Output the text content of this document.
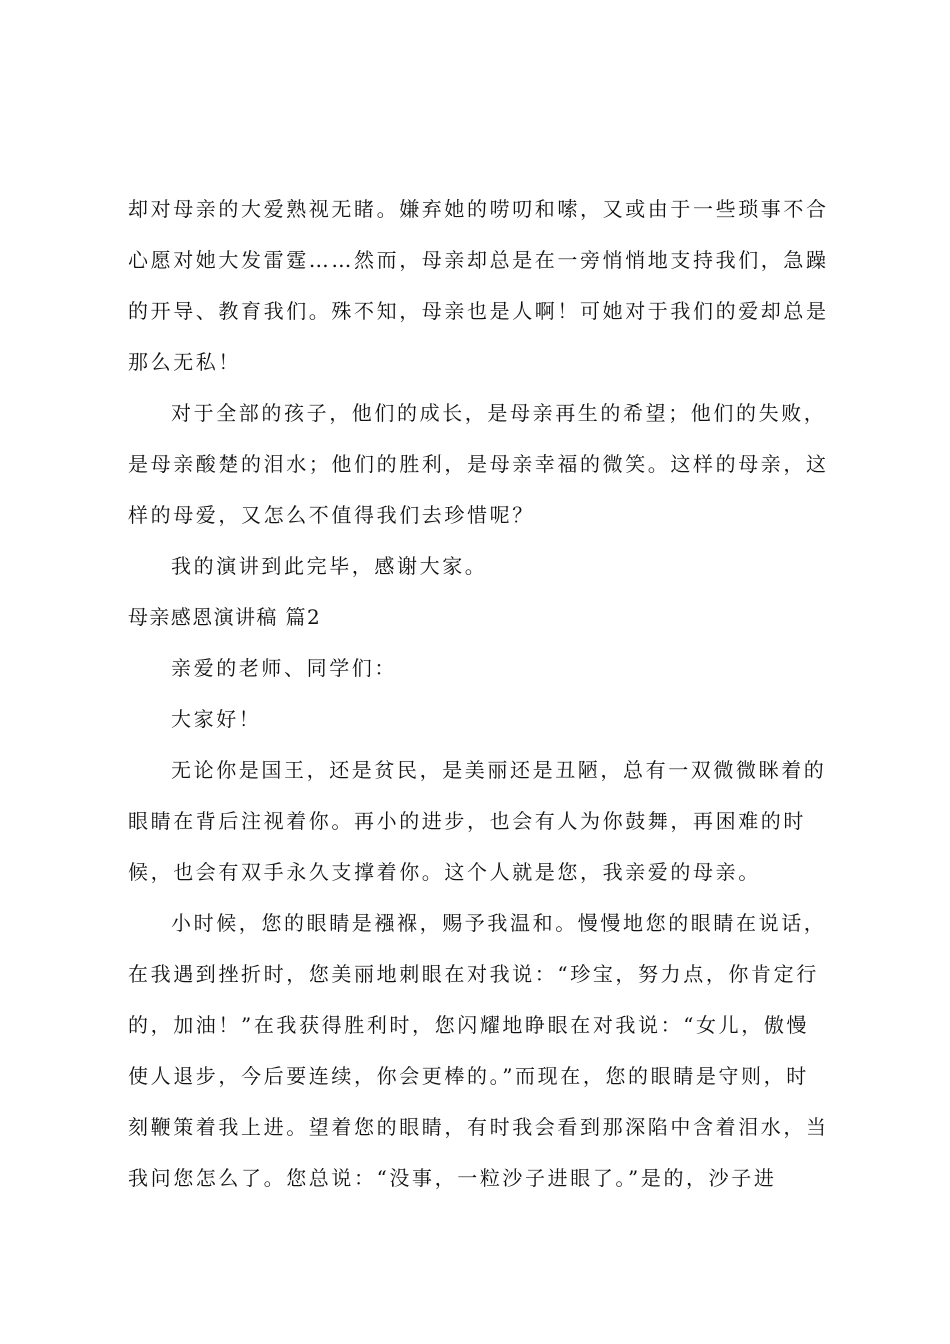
却对母亲的大爱熟视无睹。嫌弃她的唠叨和嗦，又或由于一些琐事不合
心愿对她大发雷霆……然而，母亲却总是在一旁悄悄地支持我们，急躁
的开导、教育我们。殊不知，母亲也是人啊！可她对于我们的爱却总是
那么无私！
对于全部的孩子，他们的成长，是母亲再生的希望；他们的失败，
是母亲酸楚的泪水；他们的胜利，是母亲幸福的微笑。这样的母亲，这
样的母爱，又怎么不值得我们去珍惜呢？
我的演讲到此完毕，感谢大家。
母亲感恩演讲稿 篇2
亲爱的老师、同学们：
大家好！
无论你是国王，还是贫民，是美丽还是丑陋，总有一双微微眯着的
眼睛在背后注视着你。再小的进步，也会有人为你鼓舞，再困难的时
候，也会有双手永久支撑着你。这个人就是您，我亲爱的母亲。
小时候，您的眼睛是襁褓，赐予我温和。慢慢地您的眼睛在说话，
在我遇到挫折时，您美丽地刺眼在对我说：“珍宝，努力点，你肯定行
的，加油！”在我获得胜利时，您闪耀地睁眼在对我说：“女儿，傲慢
使人退步，今后要连续，你会更棒的。”而现在，您的眼睛是守则，时
刻鞭策着我上进。望着您的眼睛，有时我会看到那深陷中含着泪水，当
我问您怎么了。您总说：“没事，一粒沙子进眼了。”是的，沙子进
